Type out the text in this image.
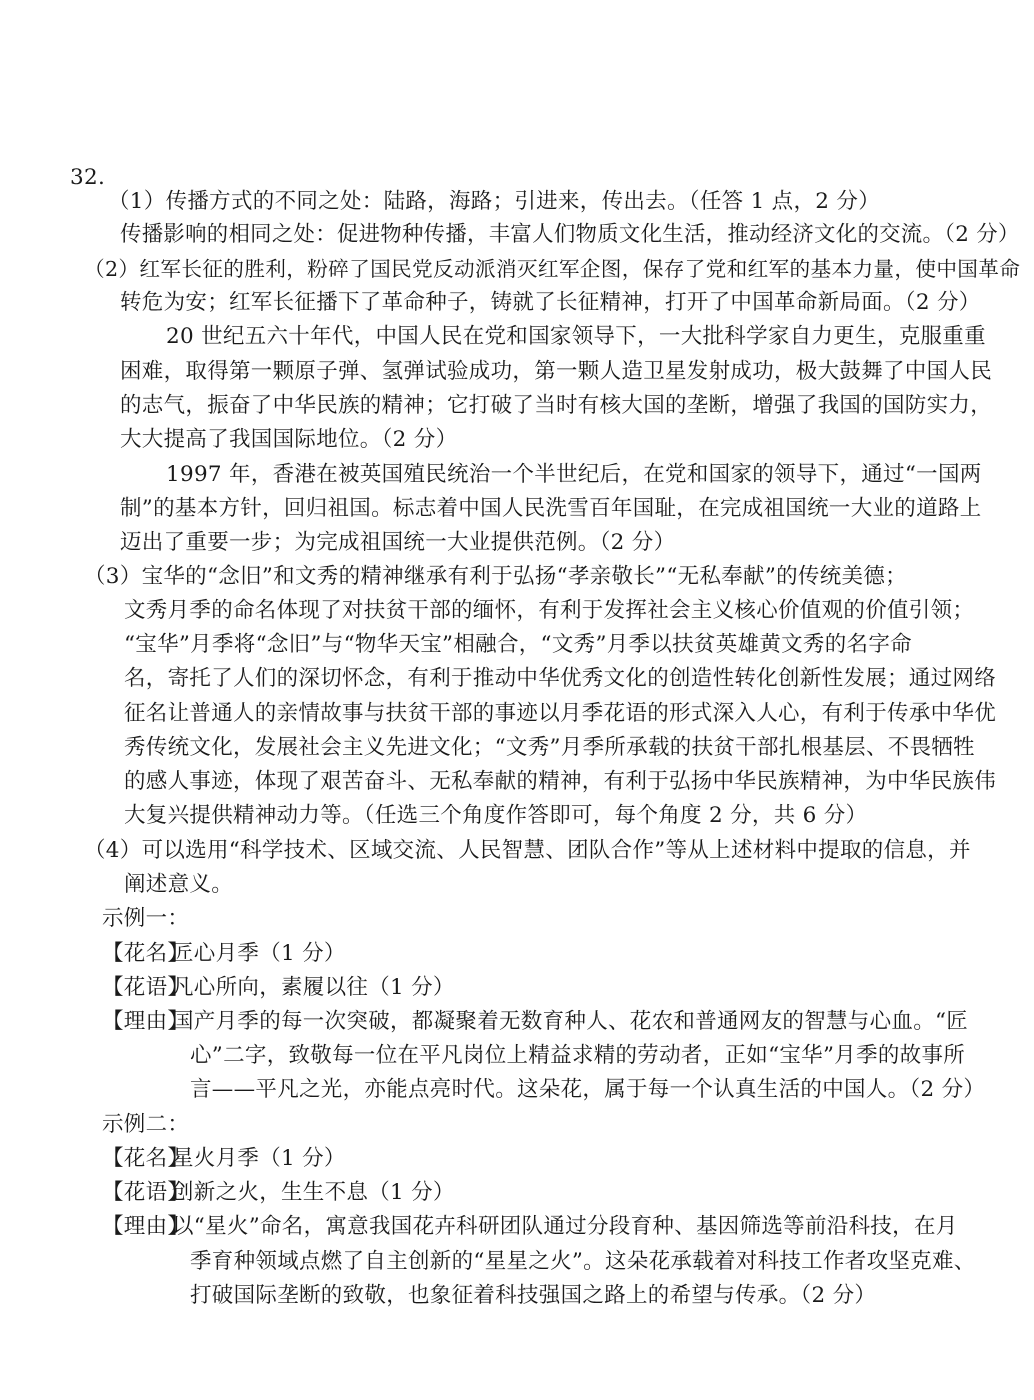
32.
（1）传播方式的不同之处：陆路，海路；引进来，传出去。（任答 1 点，2 分）
传播影响的相同之处：促进物种传播，丰富人们物质文化生活，推动经济文化的交流。（2 分）
（2）红军长征的胜利，粉碎了国民党反动派消灭红军企图，保存了党和红军的基本力量，使中国革命
转危为安；红军长征播下了革命种子，铸就了长征精神，打开了中国革命新局面。（2 分）
20 世纪五六十年代，中国人民在党和国家领导下，一大批科学家自力更生，克服重重
困难，取得第一颗原子弹、氢弹试验成功，第一颗人造卫星发射成功，极大鼓舞了中国人民
的志气，振奋了中华民族的精神；它打破了当时有核大国的垄断，增强了我国的国防实力，
大大提高了我国国际地位。（2 分）
1997 年，香港在被英国殖民统治一个半世纪后，在党和国家的领导下，通过“一国两
制”的基本方针，回归祖国。标志着中国人民洗雪百年国耻，在完成祖国统一大业的道路上
迈出了重要一步；为完成祖国统一大业提供范例。（2 分）
（3）宝华的“念旧”和文秀的精神继承有利于弘扬“孝亲敬长”“无私奉献”的传统美德；
文秀月季的命名体现了对扶贫干部的缅怀，有利于发挥社会主义核心价值观的价值引领；
“宝华”月季将“念旧”与“物华天宝”相融合，“文秀”月季以扶贫英雄黄文秀的名字命
名，寄托了人们的深切怀念，有利于推动中华优秀文化的创造性转化创新性发展；通过网络
征名让普通人的亲情故事与扶贫干部的事迹以月季花语的形式深入人心，有利于传承中华优
秀传统文化，发展社会主义先进文化；“文秀”月季所承载的扶贫干部扎根基层、不畏牺牲
的感人事迹，体现了艰苦奋斗、无私奉献的精神，有利于弘扬中华民族精神，为中华民族伟
大复兴提供精神动力等。（任选三个角度作答即可，每个角度 2 分，共 6 分）
（4）可以选用“科学技术、区域交流、人民智慧、团队合作”等从上述材料中提取的信息，并
阐述意义。
示例一：
【花名】匠心月季（1 分）
【花语】凡心所向，素履以往（1 分）
【理由】国产月季的每一次突破，都凝聚着无数育种人、花农和普通网友的智慧与心血。“匠
心”二字，致敬每一位在平凡岗位上精益求精的劳动者，正如“宝华”月季的故事所
言——平凡之光，亦能点亮时代。这朵花，属于每一个认真生活的中国人。（2 分）
示例二：
【花名】星火月季（1 分）
【花语】创新之火，生生不息（1 分）
【理由】以“星火”命名，寓意我国花卉科研团队通过分段育种、基因筛选等前沿科技，在月
季育种领域点燃了自主创新的“星星之火”。这朵花承载着对科技工作者攻坚克难、
打破国际垄断的致敬，也象征着科技强国之路上的希望与传承。（2 分）
